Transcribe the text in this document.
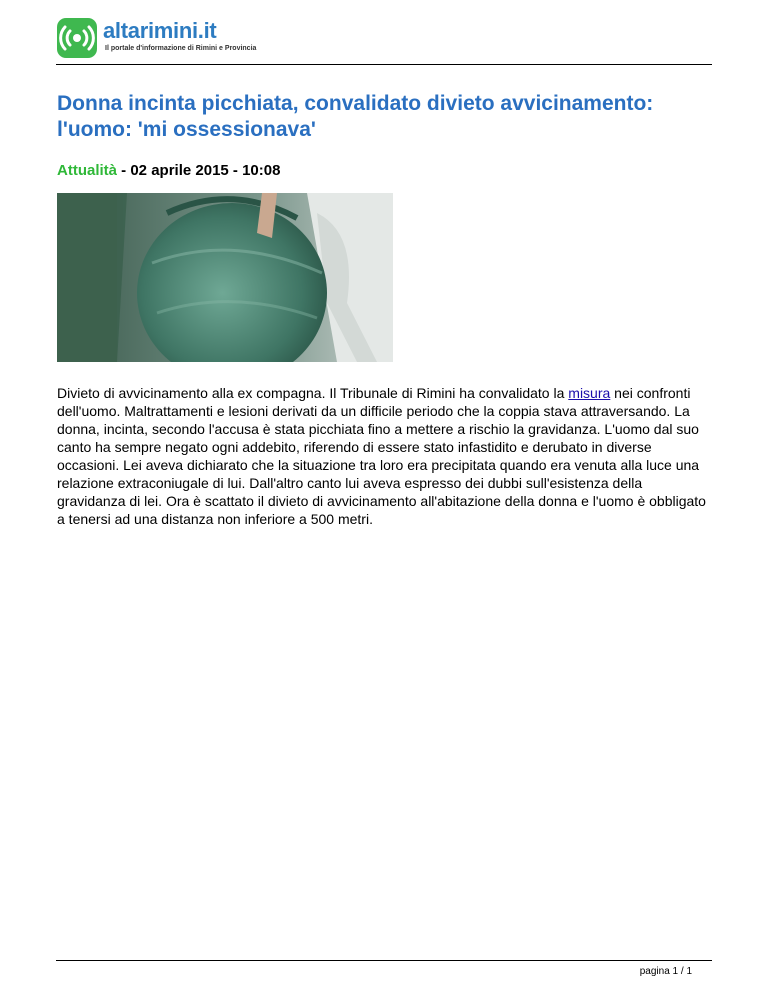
altarimini.it
Il portale d'informazione di Rimini e Provincia
Donna incinta picchiata, convalidato divieto avvicinamento: l'uomo: 'mi ossessionava'
Attualità - 02 aprile 2015 - 10:08

Divieto di avvicinamento alla ex compagna. Il Tribunale di Rimini ha convalidato la misura nei confronti dell'uomo. Maltrattamenti e lesioni derivati da un difficile periodo che la coppia stava attraversando. La donna, incinta, secondo l'accusa è stata picchiata fino a mettere a rischio la gravidanza. L'uomo dal suo canto ha sempre negato ogni addebito, riferendo di essere stato infastidito e derubato in diverse occasioni. Lei aveva dichiarato che la situazione tra loro era precipitata quando era venuta alla luce una relazione extraconiugale di lui. Dall'altro canto lui aveva espresso dei dubbi sull'esistenza della gravidanza di lei. Ora è scattato il divieto di avvicinamento all'abitazione della donna e l'uomo è obbligato a tenersi ad una distanza non inferiore a 500 metri.

pagina 1 / 1
